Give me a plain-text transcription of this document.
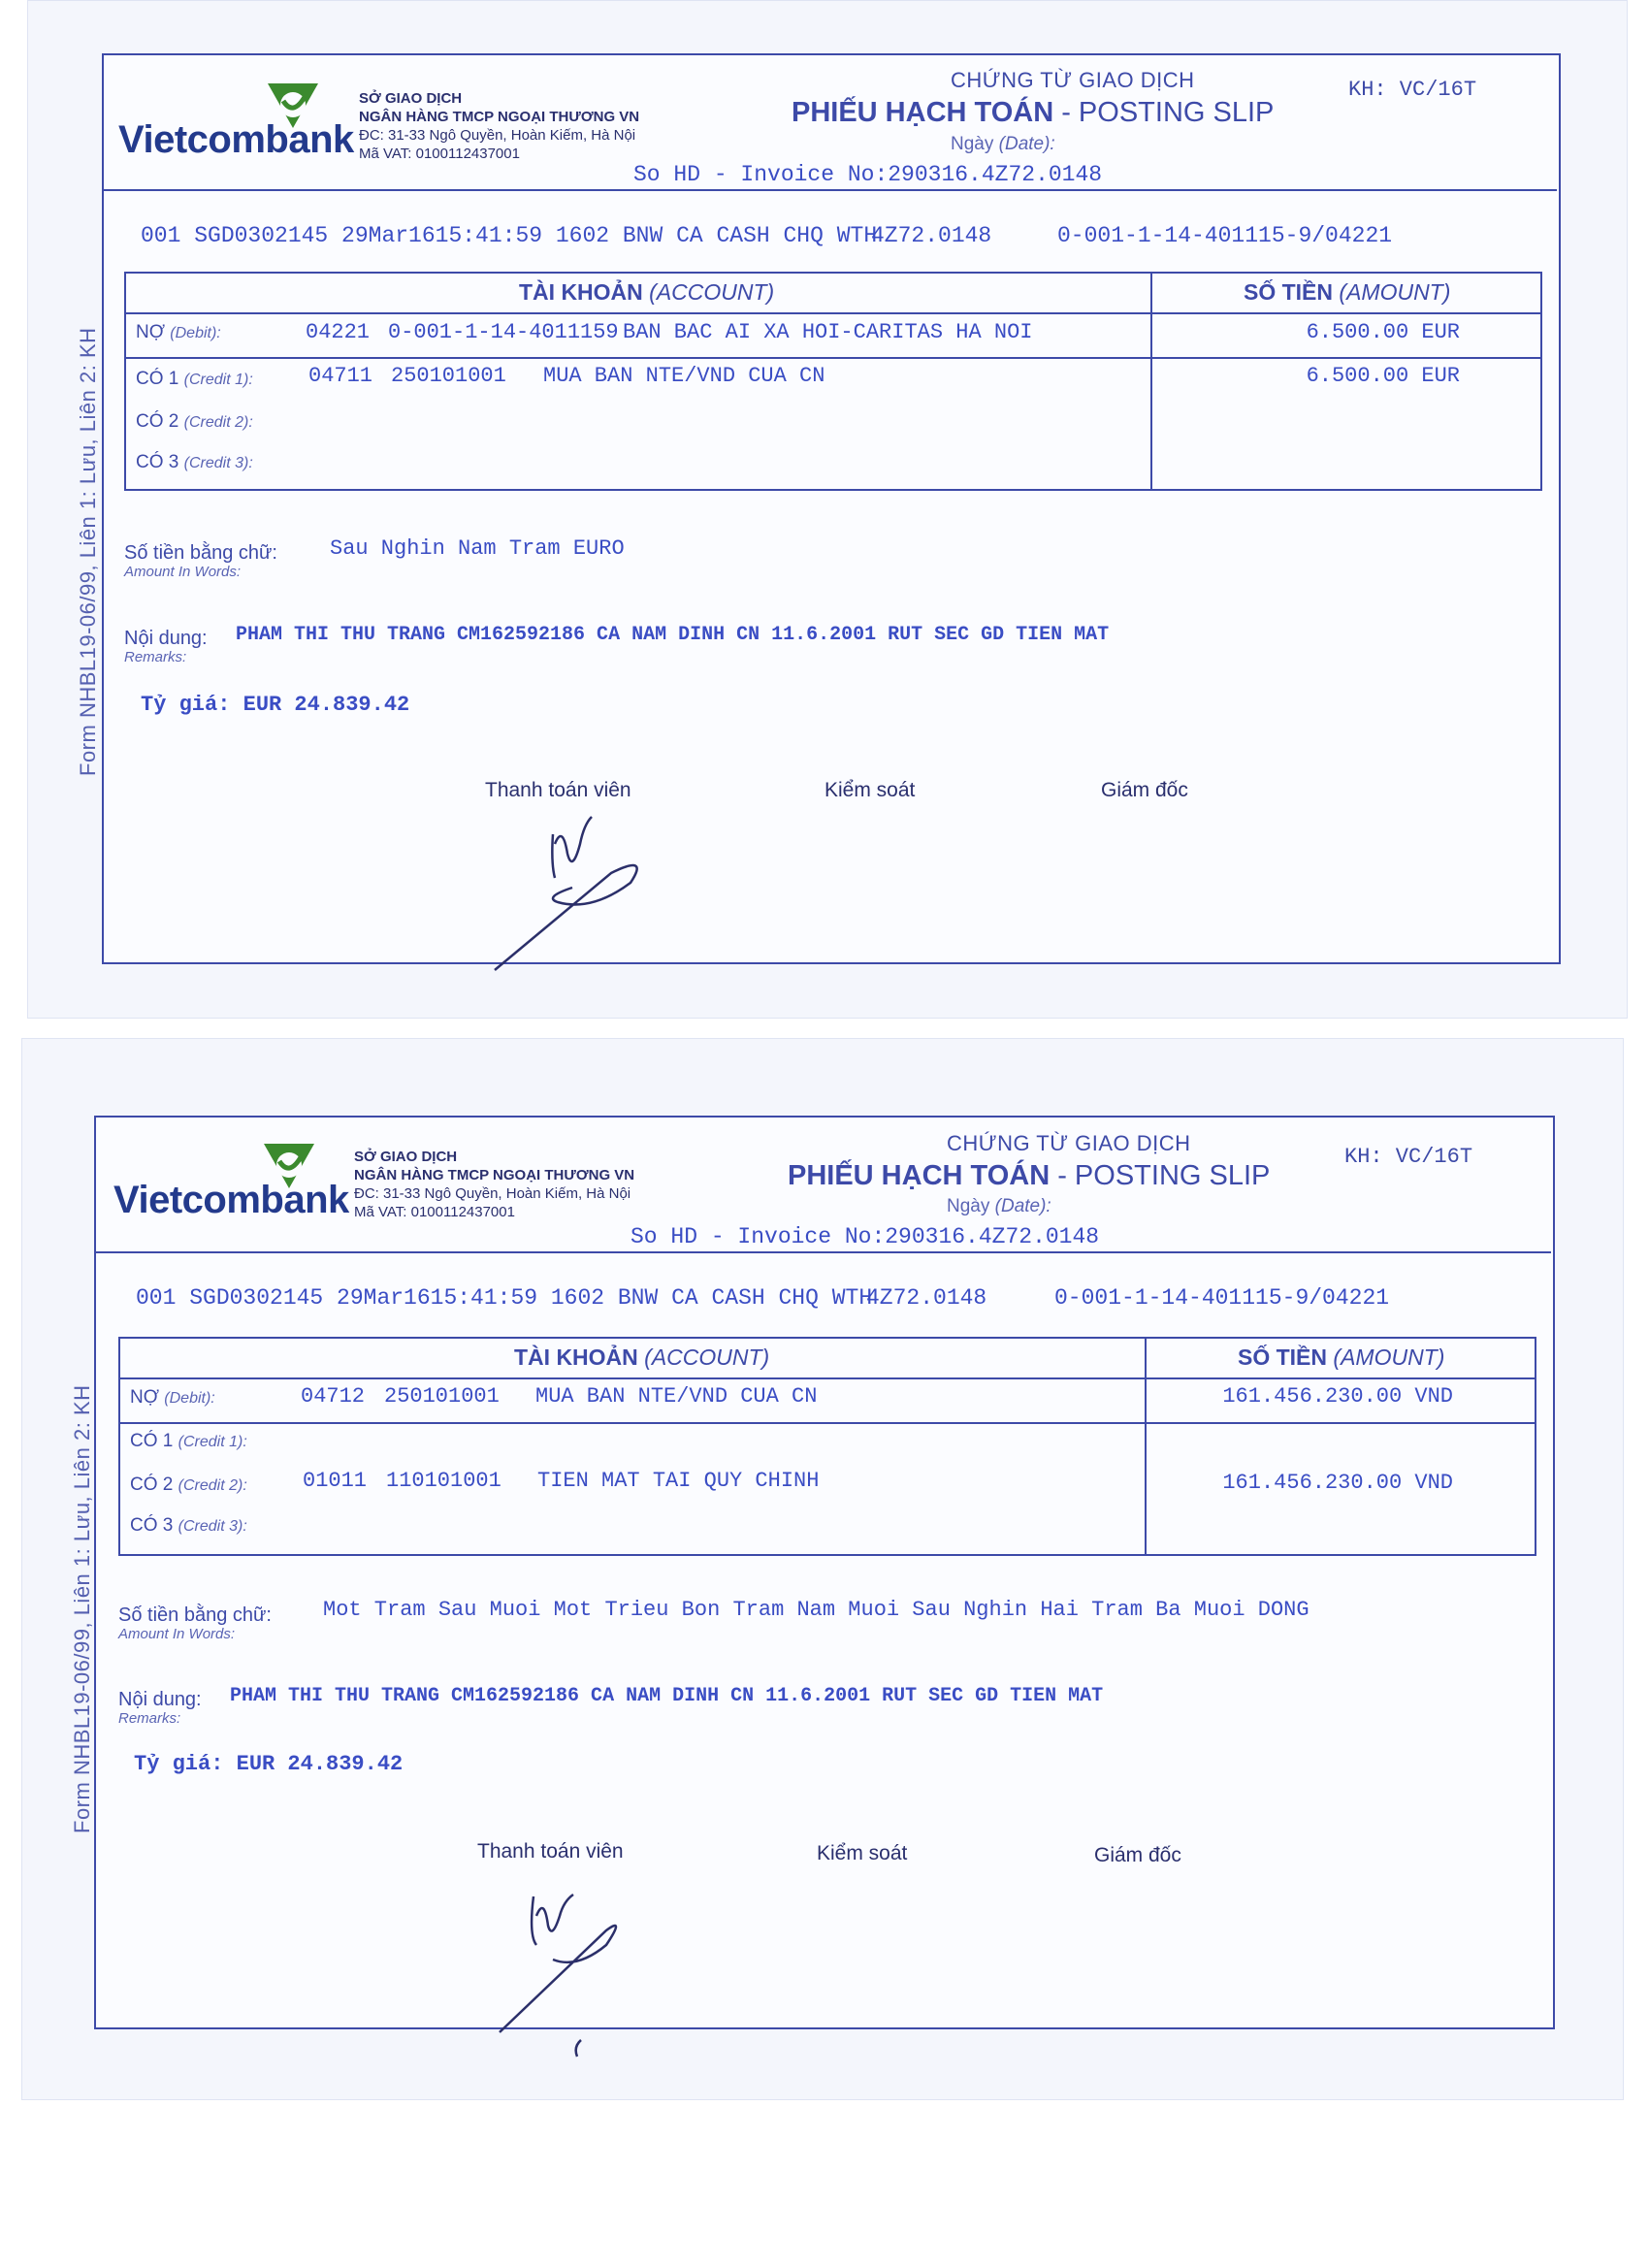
Form NHBL19-06/99, Liên 1: Lưu, Liên 2: KH
Vietcombank
SỞ GIAO DỊCH
NGÂN HÀNG TMCP NGOẠI THƯƠNG VN
ĐC: 31-33 Ngô Quyền, Hoàn Kiếm, Hà Nội
Mã VAT: 0100112437001
CHỨNG TỪ GIAO DỊCH
PHIẾU HẠCH TOÁN - POSTING SLIP
Ngày (Date):
KH: VC/16T
So HD - Invoice No:290316.4Z72.0148
001 SGD0302145 29Mar1615:41:59 1602 BNW CA CASH CHQ WTH
4Z72.0148	0-001-1-14-401115-9/04221
TÀI KHOẢN (ACCOUNT)	SỐ TIỀN (AMOUNT)
NỢ (Debit):	04221 0-001-1-14-4011159 BAN BAC AI XA HOI-CARITAS HA NOI	6.500.00 EUR
CÓ 1 (Credit 1):	04711 250101001 MUA BAN NTE/VND CUA CN	6.500.00 EUR
CÓ 2 (Credit 2):
CÓ 3 (Credit 3):
Số tiền bằng chữ:
Amount In Words:
Sau Nghin Nam Tram EURO
Nội dung:
Remarks:
PHAM THI THU TRANG CM162592186 CA NAM DINH CN 11.6.2001 RUT SEC GD TIEN MAT
Tỷ giá: EUR 24.839.42
Thanh toán viên	Kiểm soát	Giám đốc
Form NHBL19-06/99, Liên 1: Lưu, Liên 2: KH
Vietcombank
SỞ GIAO DỊCH
NGÂN HÀNG TMCP NGOẠI THƯƠNG VN
ĐC: 31-33 Ngô Quyền, Hoàn Kiếm, Hà Nội
Mã VAT: 0100112437001
CHỨNG TỪ GIAO DỊCH
PHIẾU HẠCH TOÁN - POSTING SLIP
Ngày (Date):
KH: VC/16T
So HD - Invoice No:290316.4Z72.0148
001 SGD0302145 29Mar1615:41:59 1602 BNW CA CASH CHQ WTH
4Z72.0148	0-001-1-14-401115-9/04221
TÀI KHOẢN (ACCOUNT)	SỐ TIỀN (AMOUNT)
NỢ (Debit):	04712 250101001 MUA BAN NTE/VND CUA CN	161.456.230.00 VND
CÓ 1 (Credit 1):
CÓ 2 (Credit 2):	01011 110101001 TIEN MAT TAI QUY CHINH	161.456.230.00 VND
CÓ 3 (Credit 3):
Số tiền bằng chữ:
Amount In Words:
Mot Tram Sau Muoi Mot Trieu Bon Tram Nam Muoi Sau Nghin Hai Tram Ba Muoi DONG
Nội dung:
Remarks:
PHAM THI THU TRANG CM162592186 CA NAM DINH CN 11.6.2001 RUT SEC GD TIEN MAT
Tỷ giá: EUR 24.839.42
Thanh toán viên	Kiểm soát	Giám đốc
